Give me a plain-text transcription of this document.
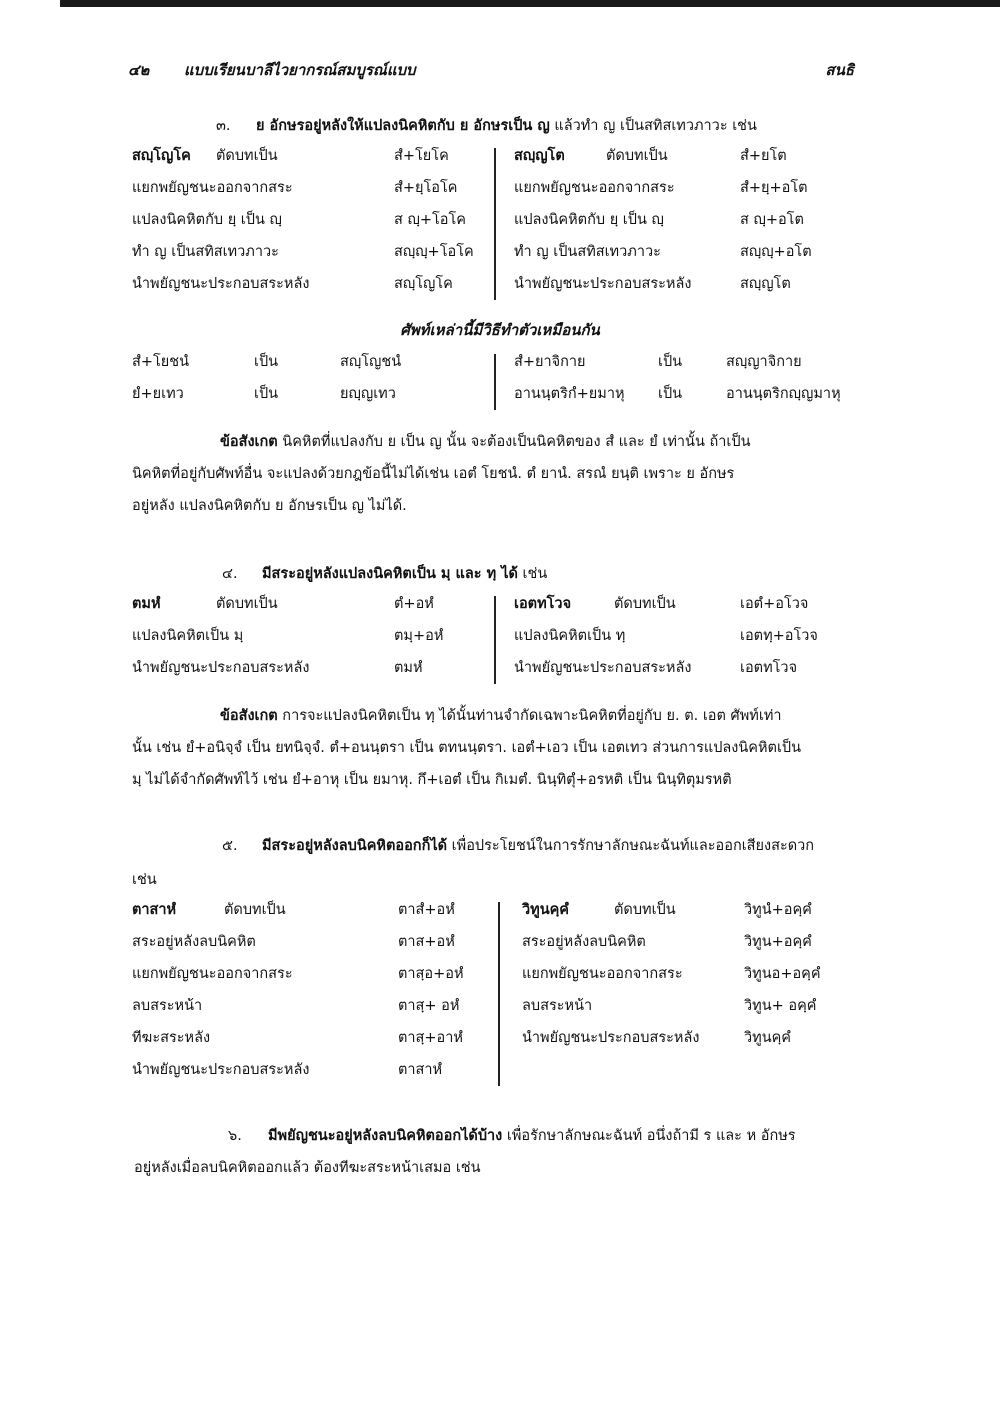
๔๒ แบบเรียนบาลีไวยากรณ์สมบูรณ์แบบ	สนธิ
๓. ย อักษรอยู่หลังให้แปลงนิคหิตกับ ย อักษรเป็น ญ แล้วทำ ญ เป็นสทิสเทวภาวะ เช่น
สญฺโญโค ตัดบทเป็น	สํ+โยโค	สญฺญโต	ตัดบทเป็น	สํ+ยโต
แยกพยัญชนะออกจากสระ	สํ+ยฺโอโค	แยกพยัญชนะออกจากสระ	สํ+ยฺ+อโต
แปลงนิคหิตกับ ยฺ เป็น ญฺ	ส ญฺ+โอโค	แปลงนิคหิตกับ ยฺ เป็น ญฺ	ส ญฺ+อโต
ทำ ญ เป็นสทิสเทวภาวะ	สญฺญฺ+โอโค	ทำ ญ เป็นสทิสเทวภาวะ	สญฺญฺ+อโต
นำพยัญชนะประกอบสระหลัง	สญฺโญโค	นำพยัญชนะประกอบสระหลัง	สญฺญโต
ศัพท์เหล่านี้มีวิธีทำตัวเหมือนกัน
สํ+โยชนํ	เป็น	สญฺโญชนํ	สํ+ยาจิกาย	เป็น	สญฺญาจิกาย
ยํ+ยเทว	เป็น	ยญฺญเทว	อานนฺตริกํ+ยมาหุ เป็น	อานนฺตริกญฺญมาหุ
ข้อสังเกต นิคหิตที่แปลงกับ ย เป็น ญ นั้น จะต้องเป็นนิคหิตของ สํ และ ยํ เท่านั้น ถ้าเป็น
นิคหิตที่อยู่กับศัพท์อื่น จะแปลงด้วยกฎข้อนี้ไม่ได้เช่น เอตํ โยชนํ. ตํ ยานํ. สรณํ ยนฺติ เพราะ ย อักษร
อยู่หลัง แปลงนิคหิตกับ ย อักษรเป็น ญ ไม่ได้.
๔. มีสระอยู่หลังแปลงนิคหิตเป็น มฺ และ ทฺ ได้ เช่น
ตมหํ	ตัดบทเป็น	ตํ+อหํ	เอตทโวจ	ตัดบทเป็น	เอตํ+อโวจ
แปลงนิคหิตเป็น มฺ	ตมฺ+อหํ	แปลงนิคหิตเป็น ทฺ	เอตทฺ+อโวจ
นำพยัญชนะประกอบสระหลัง	ตมหํ	นำพยัญชนะประกอบสระหลัง	เอตทโวจ
ข้อสังเกต การจะแปลงนิคหิตเป็น ทฺ ได้นั้นท่านจำกัดเฉพาะนิคหิตที่อยู่กับ ย. ต. เอต ศัพท์เท่า
นั้น เช่น ยํ+อนิจฺจํ เป็น ยทนิจฺจํ. ตํ+อนนฺตรา เป็น ตทนนฺตรา. เอตํ+เอว เป็น เอตเทว ส่วนการแปลงนิคหิตเป็น
มฺ ไม่ได้จำกัดศัพท์ไว้ เช่น ยํ+อาหุ เป็น ยมาหุ. กึ+เอตํ เป็น กิเมตํ. นินฺทิตุํ+อรหติ เป็น นินฺทิตุมรหติ
๕. มีสระอยู่หลังลบนิคหิตออกก็ได้ เพื่อประโยชน์ในการรักษาลักษณะฉันท์และออกเสียงสะดวก
เช่น
ตาสาหํ	ตัดบทเป็น	ตาสํ+อหํ	วิทูนคฺคํ	ตัดบทเป็น	วิทูนํ+อคฺคํ
สระอยู่หลังลบนิคหิต	ตาส+อหํ	สระอยู่หลังลบนิคหิต	วิทูน+อคฺคํ
แยกพยัญชนะออกจากสระ	ตาสฺอ+อหํ	แยกพยัญชนะออกจากสระ	วิทูนอ+อคฺคํ
ลบสระหน้า	ตาสฺ+ อหํ	ลบสระหน้า	วิทูน+ อคฺคํ
ทีฆะสระหลัง	ตาสฺ+อาหํ	นำพยัญชนะประกอบสระหลัง	วิทูนคฺคํ
นำพยัญชนะประกอบสระหลัง	ตาสาหํ
๖. มีพยัญชนะอยู่หลังลบนิคหิตออกได้บ้าง เพื่อรักษาลักษณะฉันท์ อนึ่งถ้ามี ร และ ห อักษร
อยู่หลังเมื่อลบนิคหิตออกแล้ว ต้องทีฆะสระหน้าเสมอ เช่น
